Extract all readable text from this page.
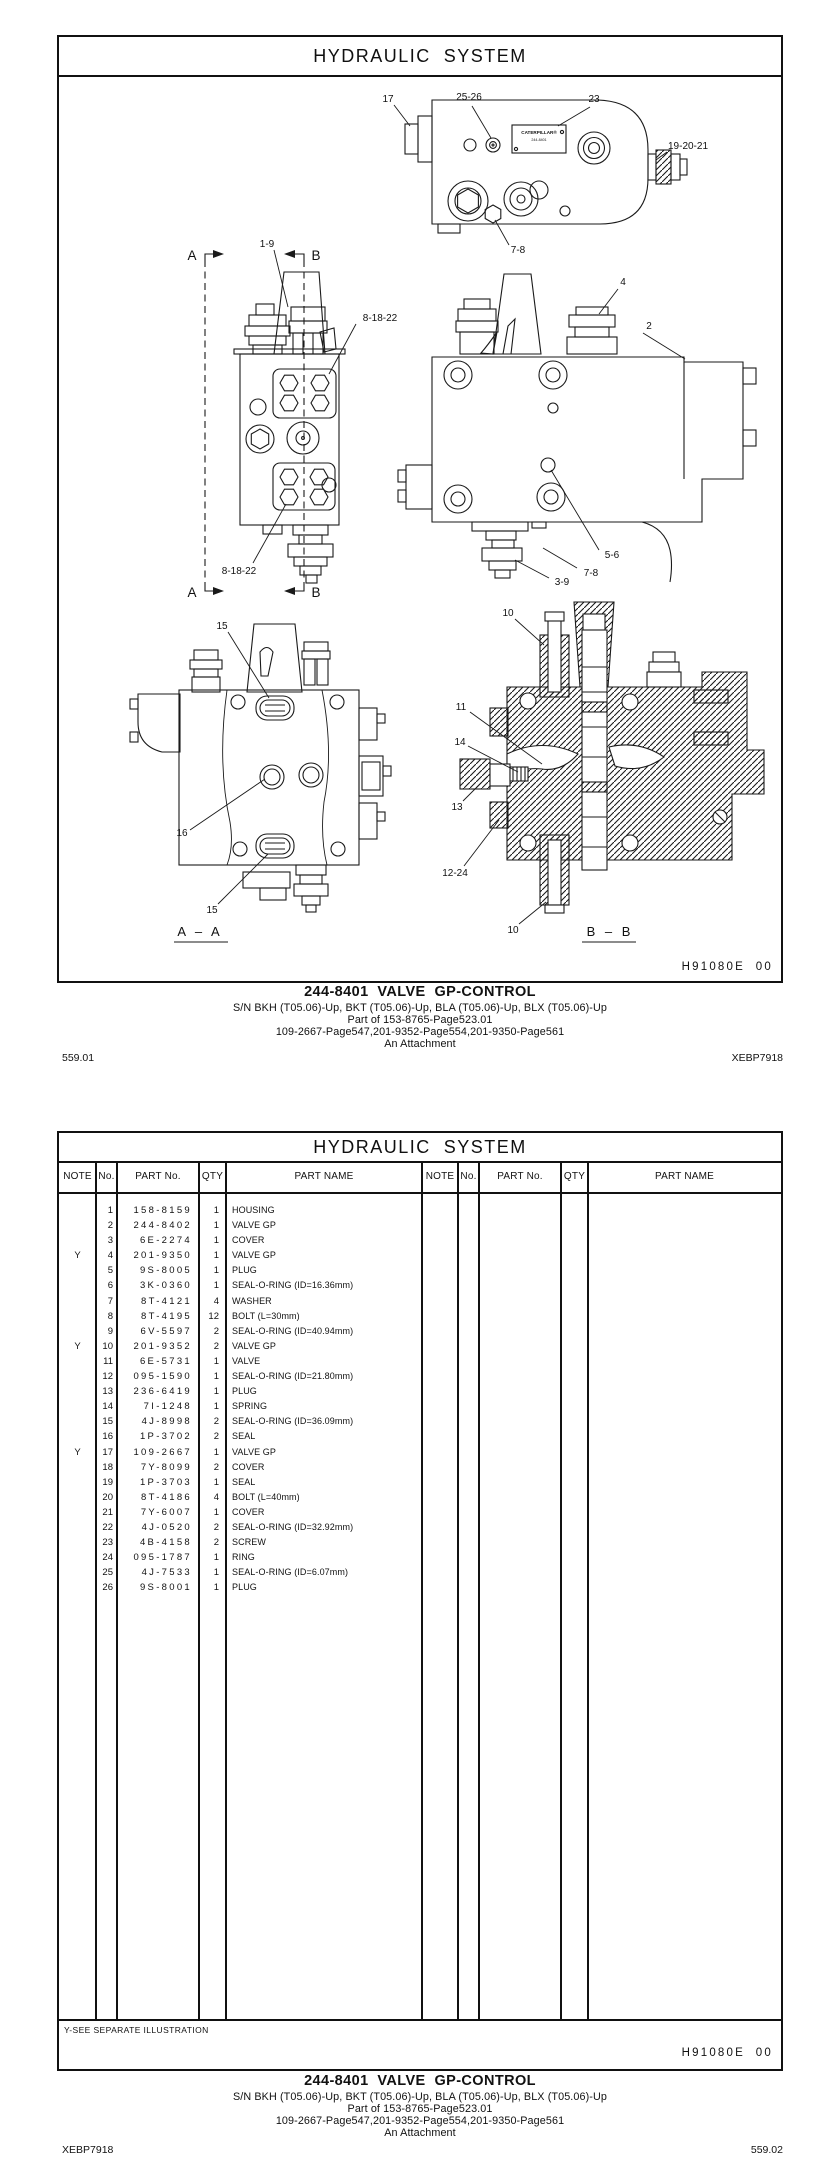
HYDRAULIC  SYSTEM
CATERPILLAR®
244-8401
17	25-26	23
19-20-21
7-8
A	B
A	B
1-9
8-18-22
8-18-22
4
2
5-6
7-8
3-9
15
16
15
A – A
10
11
14
13
12-24
10	B – B
H91080E 00
244-8401  VALVE  GP-CONTROL
S/N BKH (T05.06)-Up, BKT (T05.06)-Up, BLA (T05.06)-Up, BLX (T05.06)-Up
Part of 153-8765-Page523.01
109-2667-Page547,201-9352-Page554,201-9350-Page561
An Attachment
559.01	XEBP7918
HYDRAULIC  SYSTEM
NOTE No.	PART No.	QTY	PART NAME	NOTE No.	PART No.	QTY	PART NAME
1	158-8159	1	HOUSING
2	244-8402	1	VALVE GP
3	6E-2274	1	COVER
Y	4	201-9350	1	VALVE GP
5	9S-8005	1	PLUG
6	3K-0360	1	SEAL-O-RING (ID=16.36mm)
7	8T-4121	4	WASHER
8	8T-4195	12	BOLT (L=30mm)
9	6V-5597	2	SEAL-O-RING (ID=40.94mm)
Y	10	201-9352	2	VALVE GP
11	6E-5731	1	VALVE
12	095-1590	1	SEAL-O-RING (ID=21.80mm)
13	236-6419	1	PLUG
14	7I-1248	1	SPRING
15	4J-8998	2	SEAL-O-RING (ID=36.09mm)
16	1P-3702	2	SEAL
Y	17	109-2667	1	VALVE GP
18	7Y-8099	2	COVER
19	1P-3703	1	SEAL
20	8T-4186	4	BOLT (L=40mm)
21	7Y-6007	1	COVER
22	4J-0520	2	SEAL-O-RING (ID=32.92mm)
23	4B-4158	2	SCREW
24	095-1787	1	RING
25	4J-7533	1	SEAL-O-RING (ID=6.07mm)
26	9S-8001	1	PLUG
Y-SEE SEPARATE ILLUSTRATION
H91080E 00
244-8401  VALVE  GP-CONTROL
S/N BKH (T05.06)-Up, BKT (T05.06)-Up, BLA (T05.06)-Up, BLX (T05.06)-Up
Part of 153-8765-Page523.01
109-2667-Page547,201-9352-Page554,201-9350-Page561
An Attachment
XEBP7918	559.02
